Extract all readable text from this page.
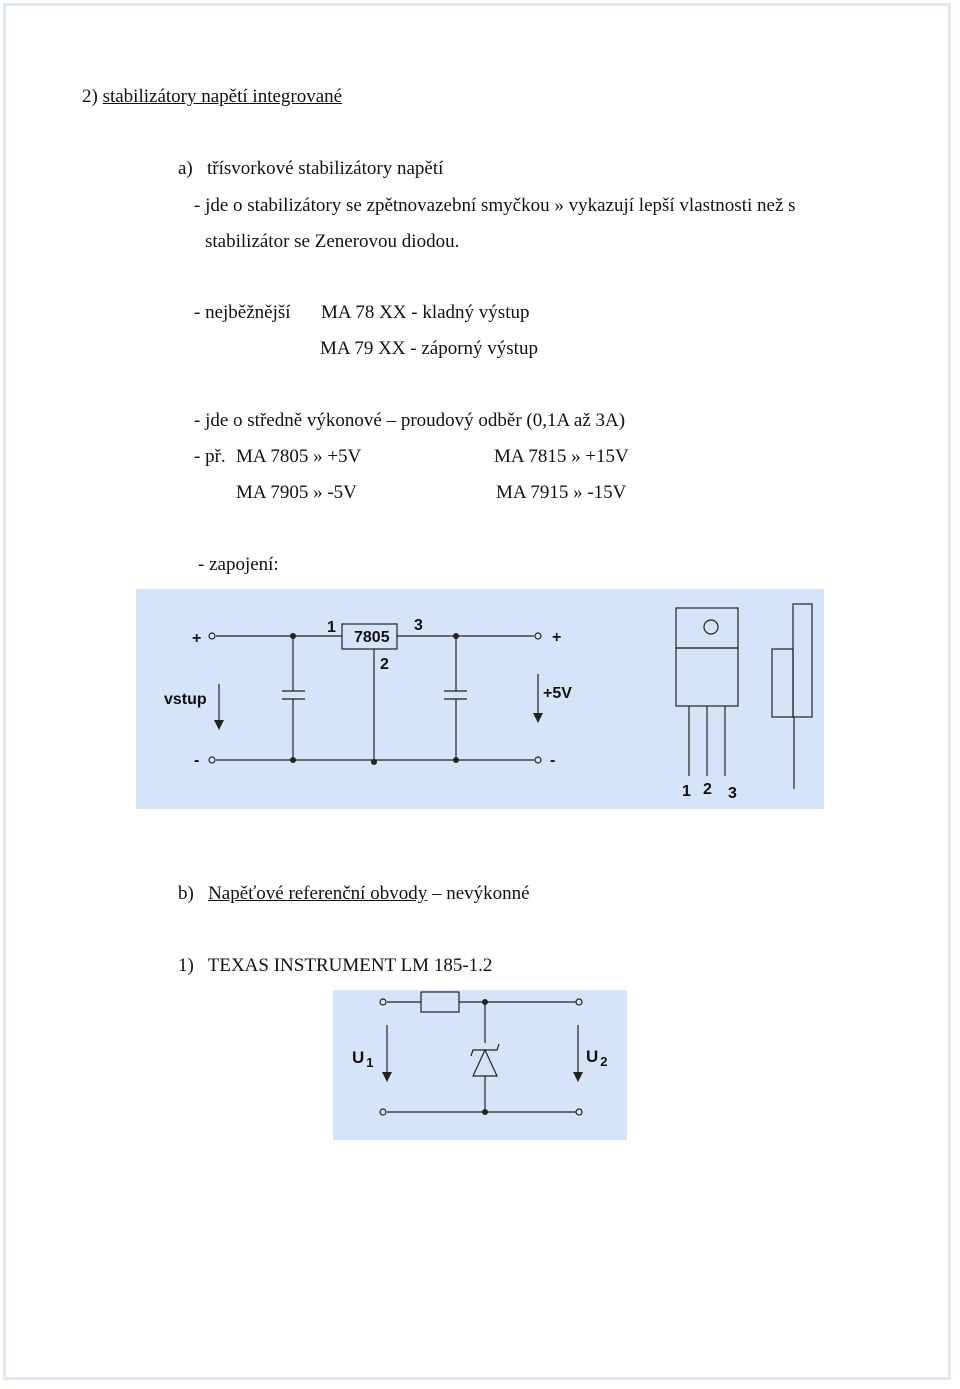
2) stabilizátory napětí integrované
a) třísvorkové stabilizátory napětí
- jde o stabilizátory se zpětnovazební smyčkou » vykazují lepší vlastnosti než s
stabilizátor se Zenerovou diodou.
- nejběžnější MA 78 XX - kladný výstup
MA 79 XX - záporný výstup
- jde o středně výkonové – proudový odběr (0,1A až 3A)
- př. MA 7805 » +5V	MA 7815 » +15V
MA 7905 » -5V	MA 7915 » -15V
- zapojení:
+
vstup
-
1
7805
3
2
+
+5V
-
1 2 3
b) Napěťové referenční obvody – nevýkonné
1) TEXAS INSTRUMENT LM 185-1.2
U $_1$	U $_2$
